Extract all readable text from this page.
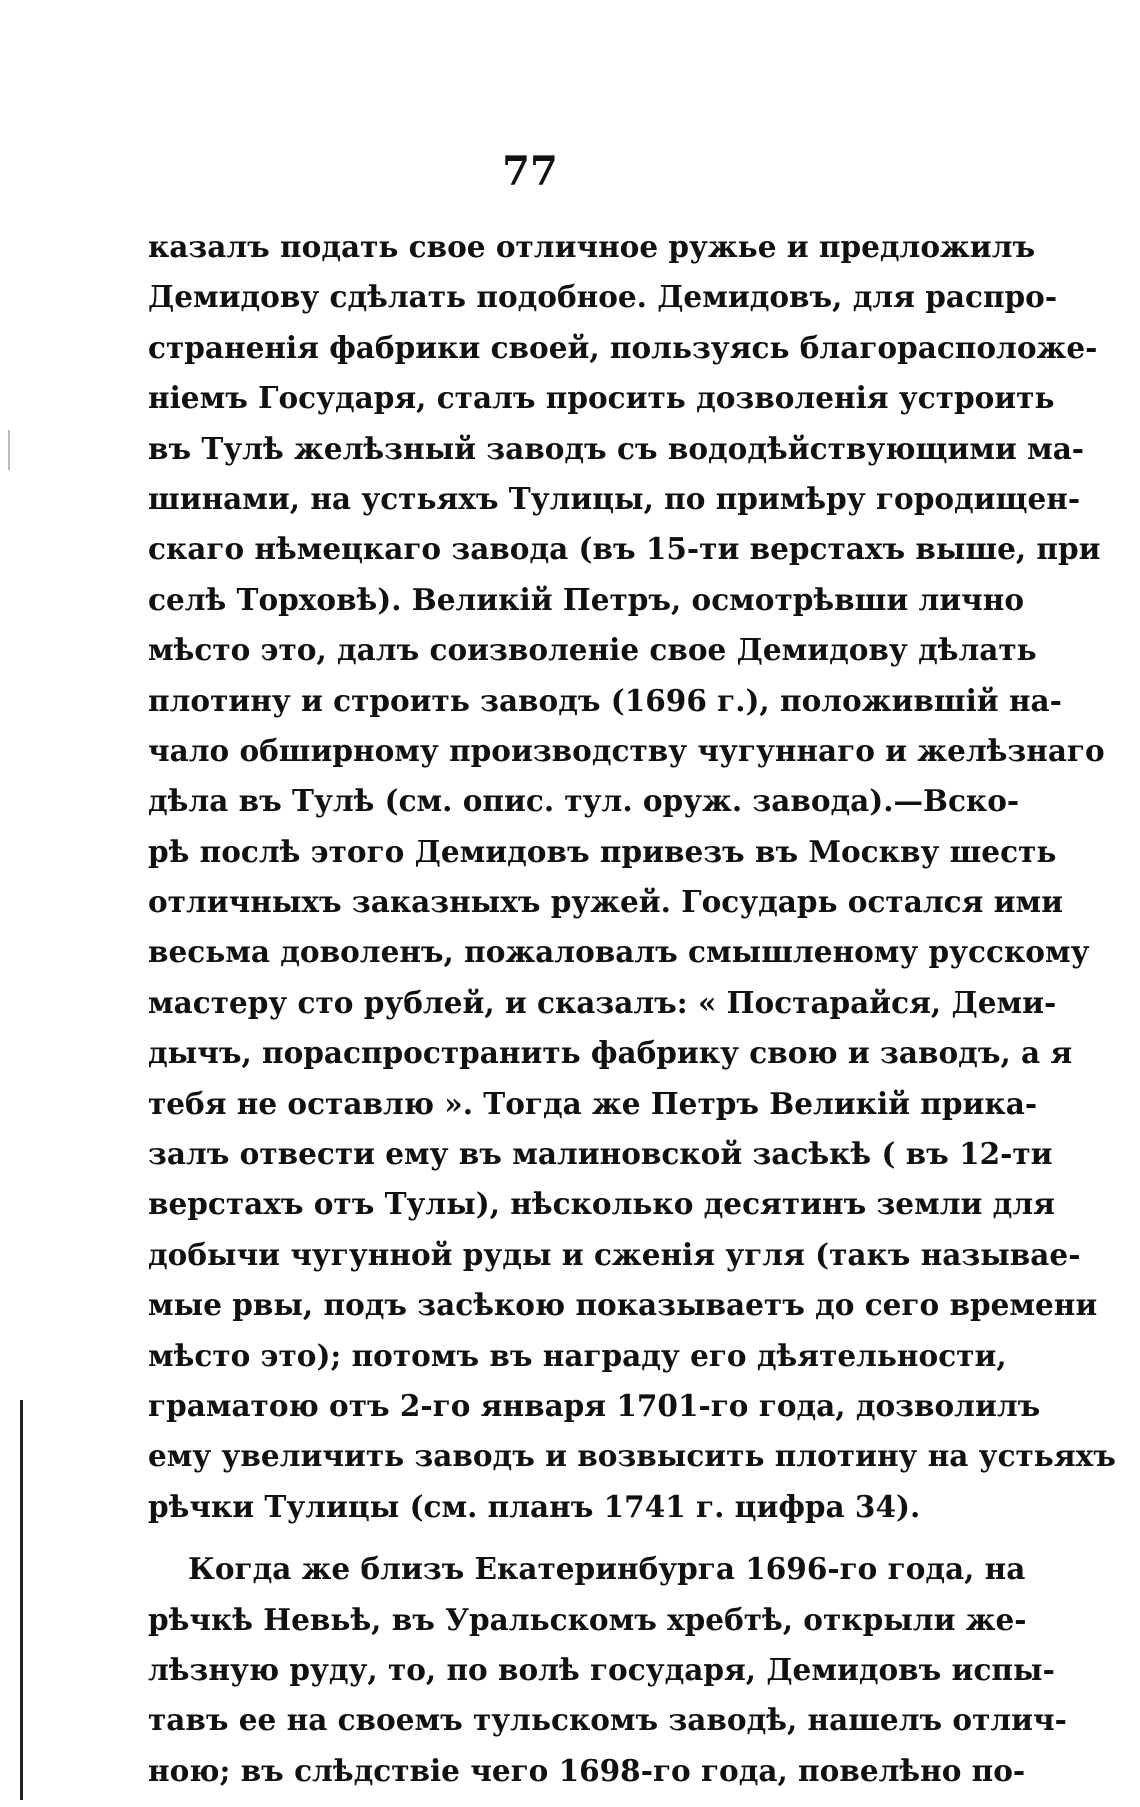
77
казалъ подать свое отличное ружье и предложилъ
Демидову сдѣлать подобное. Демидовъ, для распро-
страненія фабрики своей, пользуясь благорасположе-
ніемъ Государя, сталъ просить дозволенія устроить
въ Тулѣ желѣзный заводъ съ вододѣйствующими ма-
шинами, на устьяхъ Тулицы, по примѣру городищен-
скаго нѣмецкаго завода (въ 15-ти верстахъ выше, при
селѣ Торховѣ). Великій Петръ, осмотрѣвши лично
мѣсто это, далъ соизволеніе свое Демидову дѣлать
плотину и строить заводъ (1696 г.), положившій на-
чало обширному производству чугуннаго и желѣзнаго
дѣла въ Тулѣ (см. опис. тул. оруж. завода).—Вско-
рѣ послѣ этого Демидовъ привезъ въ Москву шесть
отличныхъ заказныхъ ружей. Государь остался ими
весьма доволенъ, пожаловалъ смышленому русскому
мастеру сто рублей, и сказалъ: « Постарайся, Деми-
дычъ, пораспространить фабрику свою и заводъ, а я
тебя не оставлю ». Тогда же Петръ Великій прика-
залъ отвести ему въ малиновской засѣкѣ ( въ 12-ти
верстахъ отъ Тулы), нѣсколько десятинъ земли для
добычи чугунной руды и сженія угля (такъ называе-
мые рвы, подъ засѣкою показываетъ до сего времени
мѣсто это); потомъ въ награду его дѣятельности,
граматою отъ 2-го января 1701-го года, дозволилъ
ему увеличить заводъ и возвысить плотину на устьяхъ
рѣчки Тулицы (см. планъ 1741 г. цифра 34).
Когда же близъ Екатеринбурга 1696-го года, на
рѣчкѣ Невьѣ, въ Уральскомъ хребтѣ, открыли же-
лѣзную руду, то, по волѣ государя, Демидовъ испы-
тавъ ее на своемъ тульскомъ заводѣ, нашелъ отлич-
ною; въ слѣдствіе чего 1698-го года, повелѣно по-
